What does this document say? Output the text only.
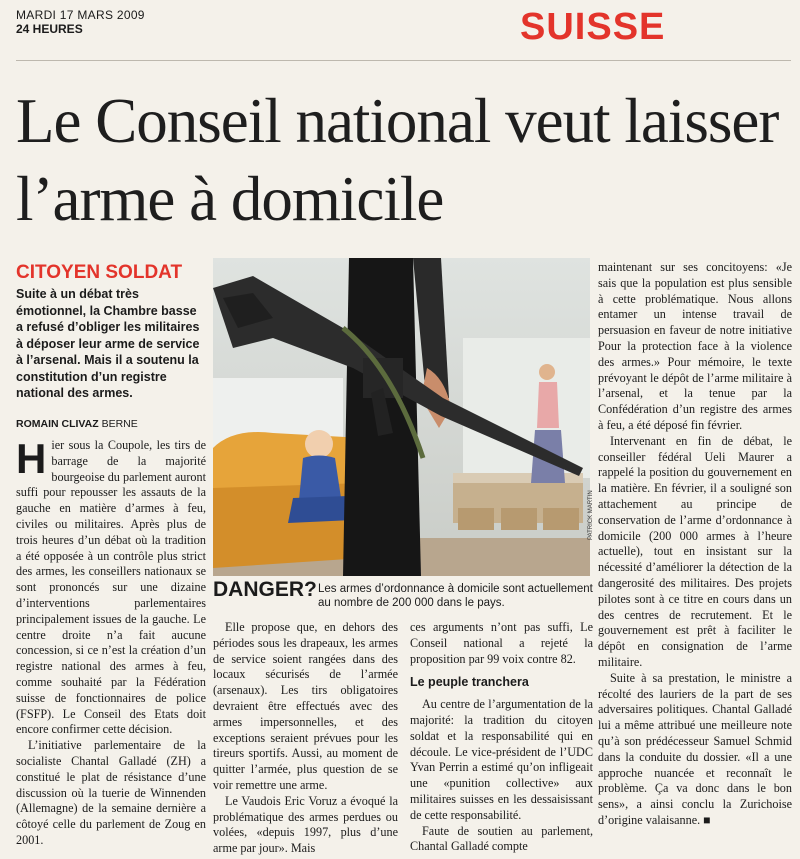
MARDI 17 MARS 2009
24 HEURES	SUISSE
Le Conseil national veut laisser l’arme à domicile
CITOYEN SOLDAT
Suite à un débat très émotionnel, la Chambre basse a refusé d’obliger les militaires à déposer leur arme de service à l’arsenal. Mais il a soutenu la constitution d’un registre national des armes.
ROMAIN CLIVAZ BERNE

Hier sous la Coupole, les tirs de barrage de la majorité bourgeoise du parlement auront suffi pour repousser les assauts de la gauche en matière d’armes à feu, civiles ou militaires. Après plus de trois heures d’un débat où la tradition a été opposée à un contrôle plus strict des armes, les conseillers nationaux se sont prononcés sur une dizaine d’interventions parlementaires principalement issues de la gauche. Le centre droite n’a fait aucune concession, si ce n’est la création d’un registre national des armes à feu, comme souhaité par la Fédération suisse de fonctionnaires de police (FSFP). Le Conseil des Etats doit encore confirmer cette décision.

L’initiative parlementaire de la socialiste Chantal Galladé (ZH) a constitué le plat de résistance d’une discussion où la tuerie de Winnenden (Allemagne) de la semaine dernière a côtoyé celle du parlement de Zoug en 2001.

PATRICK MARTIN
DANGER? Les armes d’ordonnance à domicile sont actuellement au nombre de 200 000 dans le pays.

Elle propose que, en dehors des périodes sous les drapeaux, les armes de service soient rangées dans des locaux sécurisés de l’armée (arsenaux). Les tirs obligatoires devraient être effectués avec des armes impersonnelles, et des exceptions seraient prévues pour les tireurs sportifs. Aussi, au moment de quitter l’armée, plus question de se voir remettre une arme.

Le Vaudois Eric Voruz a évoqué la problématique des armes perdues ou volées, «depuis 1997, plus d’une arme par jour». Mais

ces arguments n’ont pas suffi, Le Conseil national a rejeté la proposition par 99 voix contre 82.

Le peuple tranchera

Au centre de l’argumentation de la majorité: la tradition du citoyen soldat et la responsabilité qui en découle. Le vice-président de l’UDC Yvan Perrin a estimé qu’on infligeait une «punition collective» aux militaires suisses en les dessaisissant de cette responsabilité.

Faute de soutien au parlement, Chantal Galladé compte

maintenant sur ses concitoyens: «Je sais que la population est plus sensible à cette problématique. Nous allons entamer un intense travail de persuasion en faveur de notre initiative Pour la protection face à la violence des armes.» Pour mémoire, le texte prévoyant le dépôt de l’arme militaire à l’arsenal, et la tenue par la Confédération d’un registre des armes à feu, a été déposé fin février.

Intervenant en fin de débat, le conseiller fédéral Ueli Maurer a rappelé la position du gouvernement en la matière. En février, il a souligné son attachement au principe de conservation de l’arme d’ordonnance à domicile (200 000 armes à l’heure actuelle), tout en insistant sur la nécessité d’améliorer la détection de la dangerosité des militaires. Des projets pilotes sont à ce titre en cours dans un des centres de recrutement. Et le gouvernement est prêt à faciliter le dépôt en consignation de l’arme militaire.

Suite à sa prestation, le ministre a récolté des lauriers de la part de ses adversaires politiques. Chantal Galladé lui a même attribué une meilleure note qu’à son prédécesseur Samuel Schmid dans la conduite du dossier. «Il a une approche nuancée et reconnaît le problème. Ça va donc dans le bon sens», a ainsi conclu la Zurichoise d’origine valaisanne. ■
